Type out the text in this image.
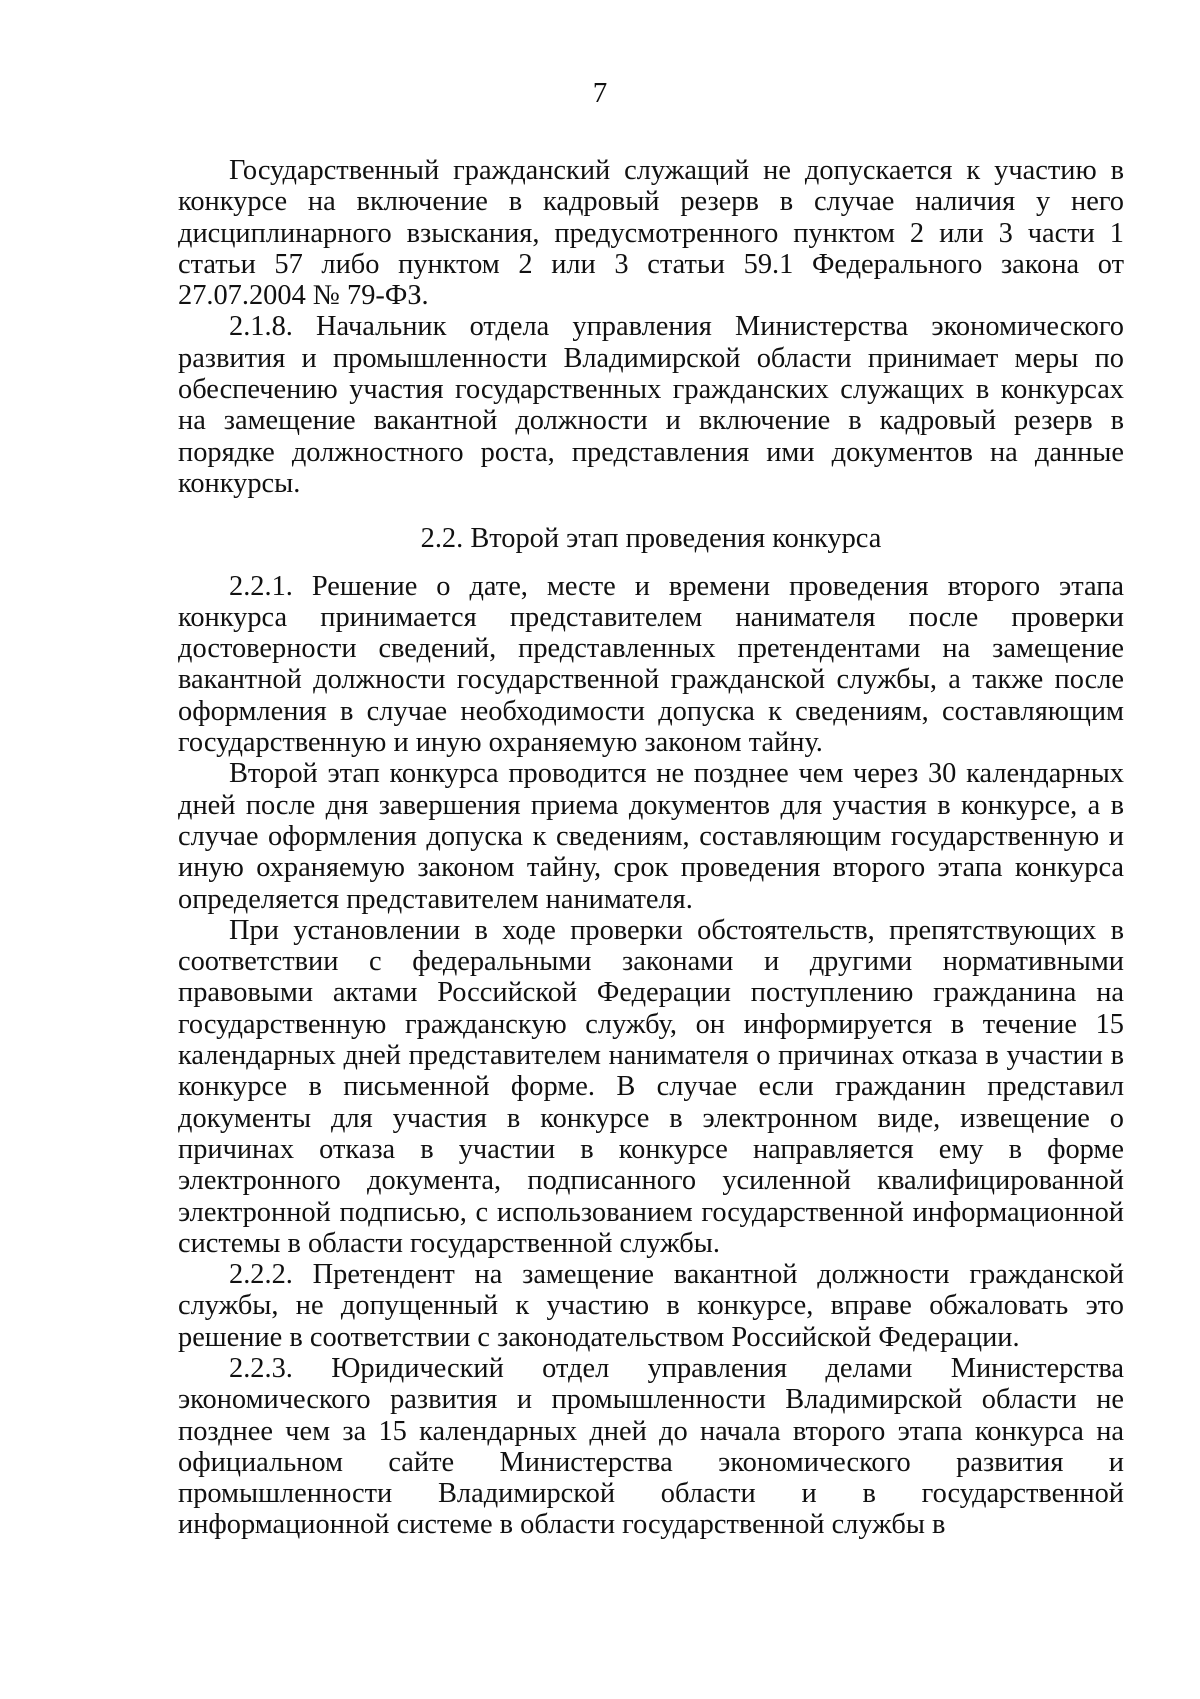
7

Государственный гражданский служащий не допускается к участию в конкурсе на включение в кадровый резерв в случае наличия у него дисциплинарного взыскания, предусмотренного пунктом 2 или 3 части 1 статьи 57 либо пунктом 2 или 3 статьи 59.1 Федерального закона от 27.07.2004 № 79-ФЗ.

2.1.8. Начальник отдела управления Министерства экономического развития и промышленности Владимирской области принимает меры по обеспечению участия государственных гражданских служащих в конкурсах на замещение вакантной должности и включение в кадровый резерв в порядке должностного роста, представления ими документов на данные конкурсы.

2.2. Второй этап проведения конкурса

2.2.1. Решение о дате, месте и времени проведения второго этапа конкурса принимается представителем нанимателя после проверки достоверности сведений, представленных претендентами на замещение вакантной должности государственной гражданской службы, а также после оформления в случае необходимости допуска к сведениям, составляющим государственную и иную охраняемую законом тайну.

Второй этап конкурса проводится не позднее чем через 30 календарных дней после дня завершения приема документов для участия в конкурсе, а в случае оформления допуска к сведениям, составляющим государственную и иную охраняемую законом тайну, срок проведения второго этапа конкурса определяется представителем нанимателя.

При установлении в ходе проверки обстоятельств, препятствующих в соответствии с федеральными законами и другими нормативными правовыми актами Российской Федерации поступлению гражданина на государственную гражданскую службу, он информируется в течение 15 календарных дней представителем нанимателя о причинах отказа в участии в конкурсе в письменной форме. В случае если гражданин представил документы для участия в конкурсе в электронном виде, извещение о причинах отказа в участии в конкурсе направляется ему в форме электронного документа, подписанного усиленной квалифицированной электронной подписью, с использованием государственной информационной системы в области государственной службы.

2.2.2. Претендент на замещение вакантной должности гражданской службы, не допущенный к участию в конкурсе, вправе обжаловать это решение в соответствии с законодательством Российской Федерации.

2.2.3. Юридический отдел управления делами Министерства экономического развития и промышленности Владимирской области не позднее чем за 15 календарных дней до начала второго этапа конкурса на официальном сайте Министерства экономического развития и промышленности Владимирской области и в государственной информационной системе в области государственной службы в
